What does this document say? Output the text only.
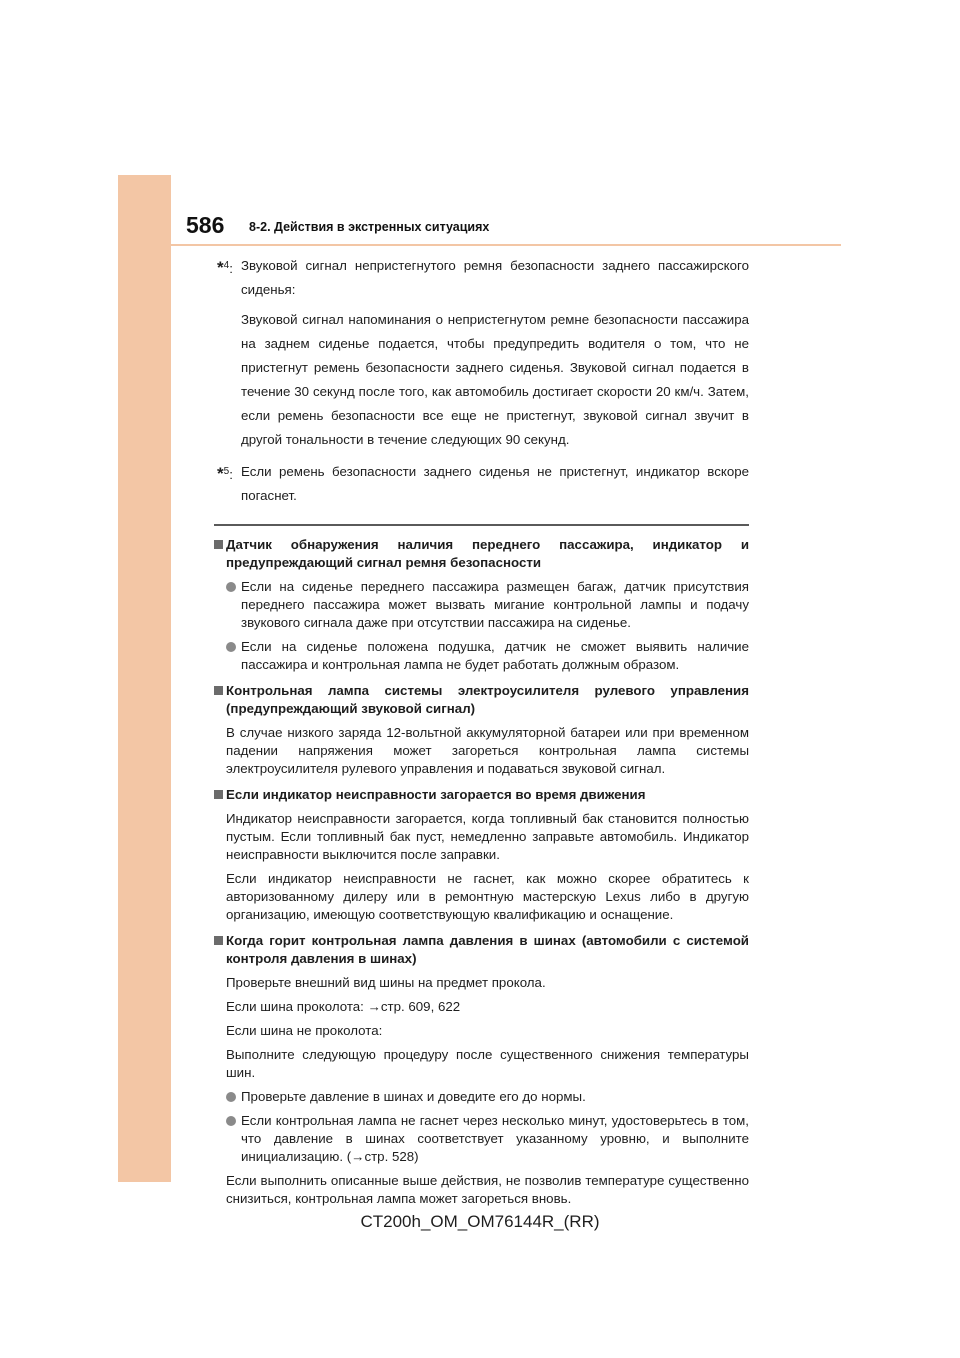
586 8-2. Действия в экстренных ситуациях
*$^4$: Звуковой сигнал непристегнутого ремня безопасности заднего пассажирского сиденья:

Звуковой сигнал напоминания о непристегнутом ремне безопасности пассажира на заднем сиденье подается, чтобы предупредить водителя о том, что не пристегнут ремень безопасности заднего сиденья. Звуковой сигнал подается в течение 30 секунд после того, как автомобиль достигает скорости 20 км/ч. Затем, если ремень безопасности все еще не пристегнут, звуковой сигнал звучит в другой тональности в течение следующих 90 секунд.

*$^5$: Если ремень безопасности заднего сиденья не пристегнут, индикатор вскоре погаснет.

Датчик обнаружения наличия переднего пассажира, индикатор и предупреждающий сигнал ремня безопасности
Если на сиденье переднего пассажира размещен багаж, датчик присутствия переднего пассажира может вызвать мигание контрольной лампы и подачу звукового сигнала даже при отсутствии пассажира на сиденье.
Если на сиденье положена подушка, датчик не сможет выявить наличие пассажира и контрольная лампа не будет работать должным образом.
Контрольная лампа системы электроусилителя рулевого управления (предупреждающий звуковой сигнал)
В случае низкого заряда 12-вольтной аккумуляторной батареи или при временном падении напряжения может загореться контрольная лампа системы электроусилителя рулевого управления и подаваться звуковой сигнал.
Если индикатор неисправности загорается во время движения
Индикатор неисправности загорается, когда топливный бак становится полностью пустым. Если топливный бак пуст, немедленно заправьте автомобиль. Индикатор неисправности выключится после заправки.
Если индикатор неисправности не гаснет, как можно скорее обратитесь к авторизованному дилеру или в ремонтную мастерскую Lexus либо в другую организацию, имеющую соответствующую квалификацию и оснащение.
Когда горит контрольная лампа давления в шинах (автомобили с системой контроля давления в шинах)
Проверьте внешний вид шины на предмет прокола.
Если шина проколота: →стр. 609, 622
Если шина не проколота:
Выполните следующую процедуру после существенного снижения температуры шин.
Проверьте давление в шинах и доведите его до нормы.
Если контрольная лампа не гаснет через несколько минут, удостоверьтесь в том, что давление в шинах соответствует указанному уровню, и выполните инициализацию. (→стр. 528)
Если выполнить описанные выше действия, не позволив температуре существенно снизиться, контрольная лампа может загореться вновь.
CT200h_OM_OM76144R_(RR)
